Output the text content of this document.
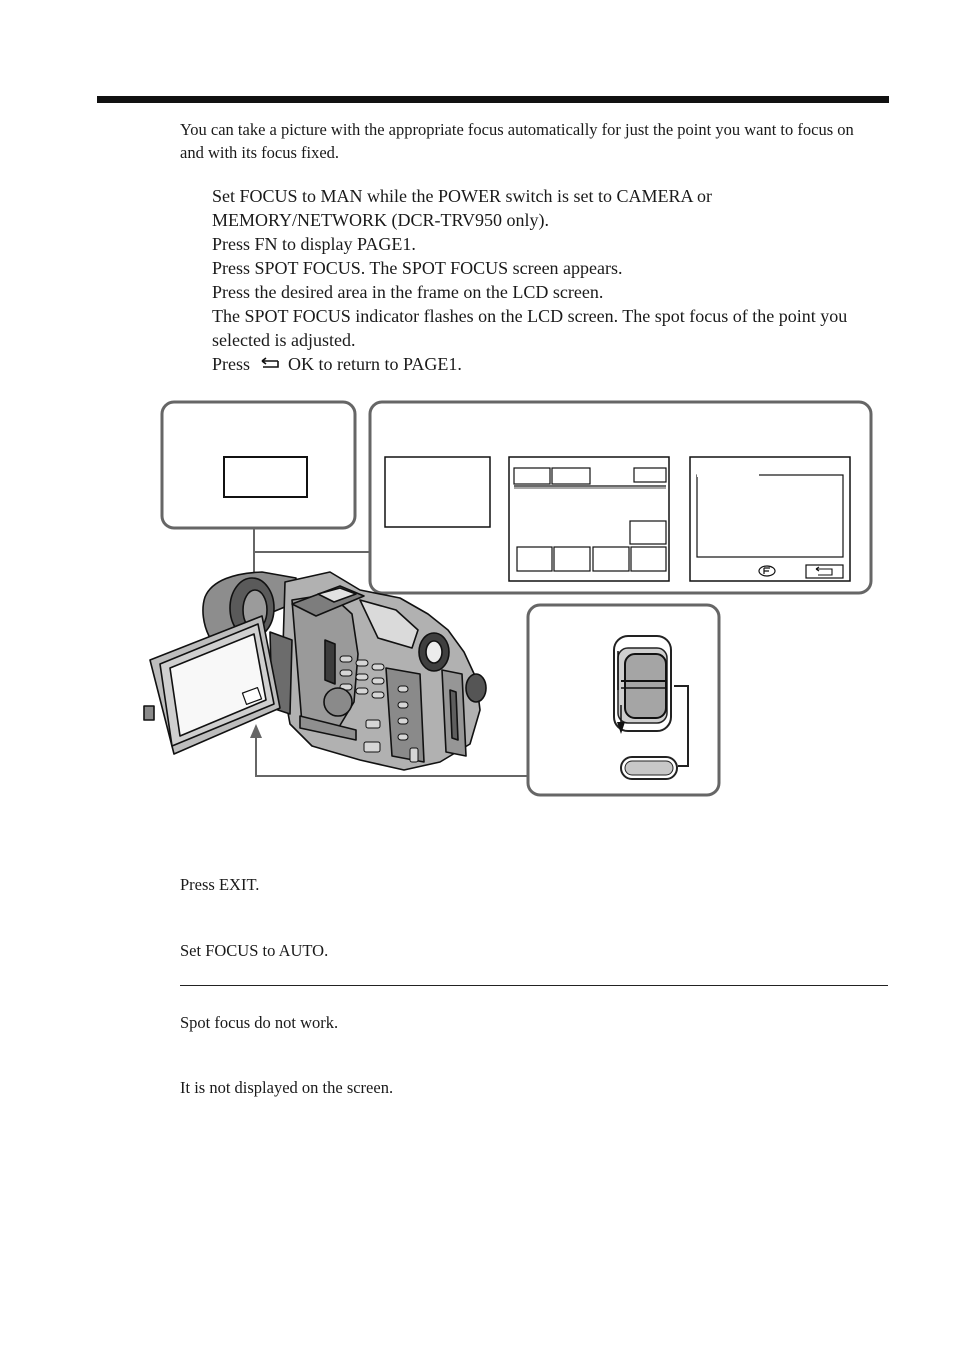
You can take a picture with the appropriate focus automatically for just the point you want to focus on and with its focus fixed.

Set FOCUS to MAN while the POWER switch is set to CAMERA or MEMORY/NETWORK (DCR-TRV950 only).
Press FN to display PAGE1.
Press SPOT FOCUS. The SPOT FOCUS screen appears.
Press the desired area in the frame on the LCD screen.
The SPOT FOCUS indicator flashes on the LCD screen. The spot focus of the point you selected is adjusted.
Press OK to return to PAGE1.

Press EXIT.

Set FOCUS to AUTO.

Spot focus do not work.

It is not displayed on the screen.
